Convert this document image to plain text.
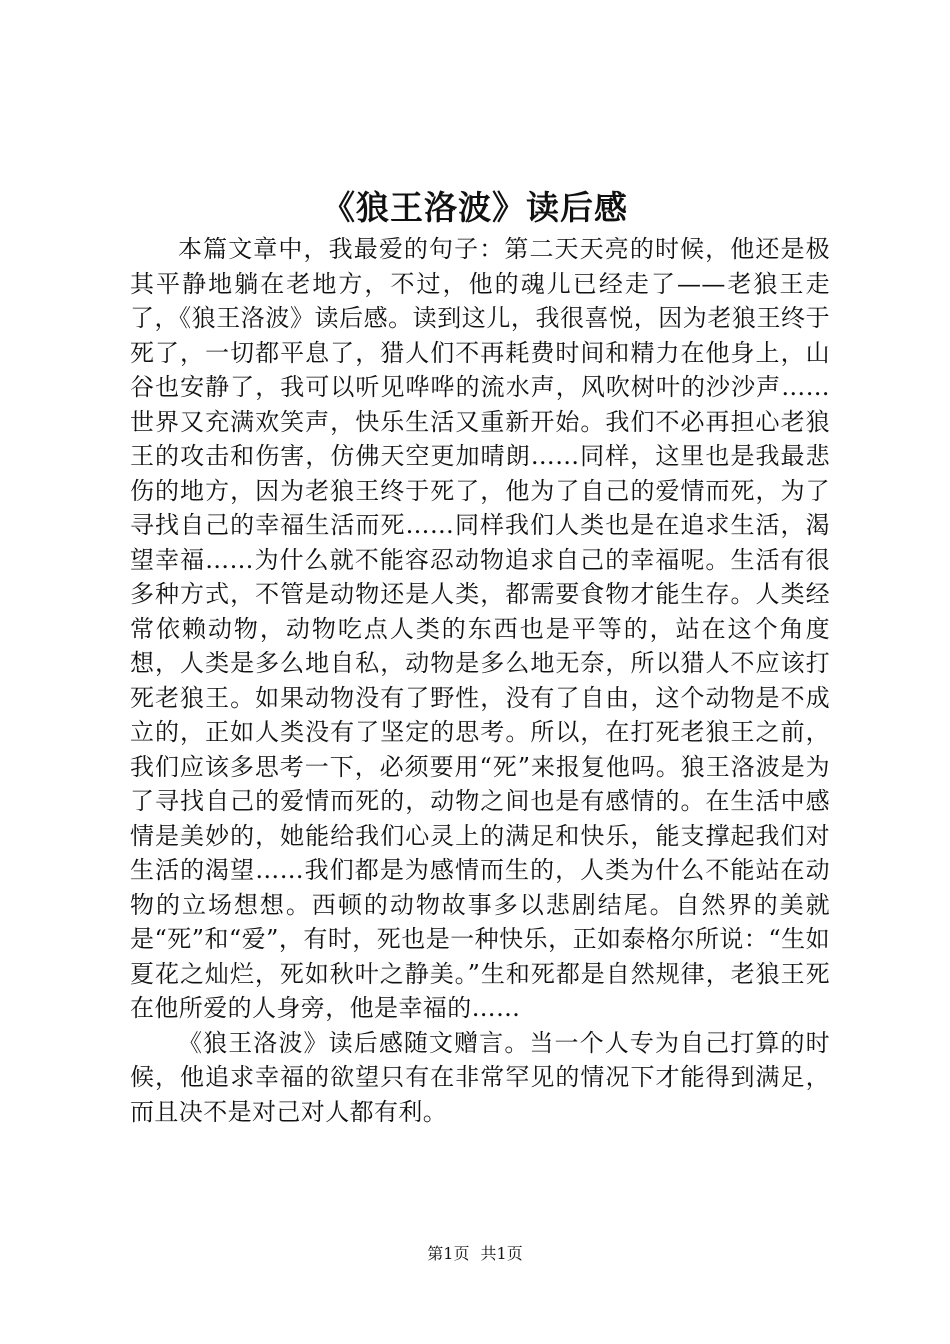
《狼王洛波》读后感

本篇文章中，我最爱的句子：第二天天亮的时候，他还是极其平静地躺在老地方，不过，他的魂儿已经走了——老狼王走了，《狼王洛波》读后感。读到这儿，我很喜悦，因为老狼王终于死了，一切都平息了，猎人们不再耗费时间和精力在他身上，山谷也安静了，我可以听见哗哗的流水声，风吹树叶的沙沙声……世界又充满欢笑声，快乐生活又重新开始。我们不必再担心老狼王的攻击和伤害，仿佛天空更加晴朗……同样，这里也是我最悲伤的地方，因为老狼王终于死了，他为了自己的爱情而死，为了寻找自己的幸福生活而死……同样我们人类也是在追求生活，渴望幸福……为什么就不能容忍动物追求自己的幸福呢。生活有很多种方式，不管是动物还是人类，都需要食物才能生存。人类经常依赖动物，动物吃点人类的东西也是平等的，站在这个角度想，人类是多么地自私，动物是多么地无奈，所以猎人不应该打死老狼王。如果动物没有了野性，没有了自由，这个动物是不成立的，正如人类没有了坚定的思考。所以，在打死老狼王之前，我们应该多思考一下，必须要用“死”来报复他吗。狼王洛波是为了寻找自己的爱情而死的，动物之间也是有感情的。在生活中感情是美妙的，她能给我们心灵上的满足和快乐，能支撑起我们对生活的渴望……我们都是为感情而生的，人类为什么不能站在动物的立场想想。西顿的动物故事多以悲剧结尾。自然界的美就是“死”和“爱”，有时，死也是一种快乐，正如泰格尔所说：“生如夏花之灿烂，死如秋叶之静美。”生和死都是自然规律，老狼王死在他所爱的人身旁，他是幸福的……

《狼王洛波》读后感随文赠言。当一个人专为自己打算的时候，他追求幸福的欲望只有在非常罕见的情况下才能得到满足，而且决不是对己对人都有利。

第1页 共1页
